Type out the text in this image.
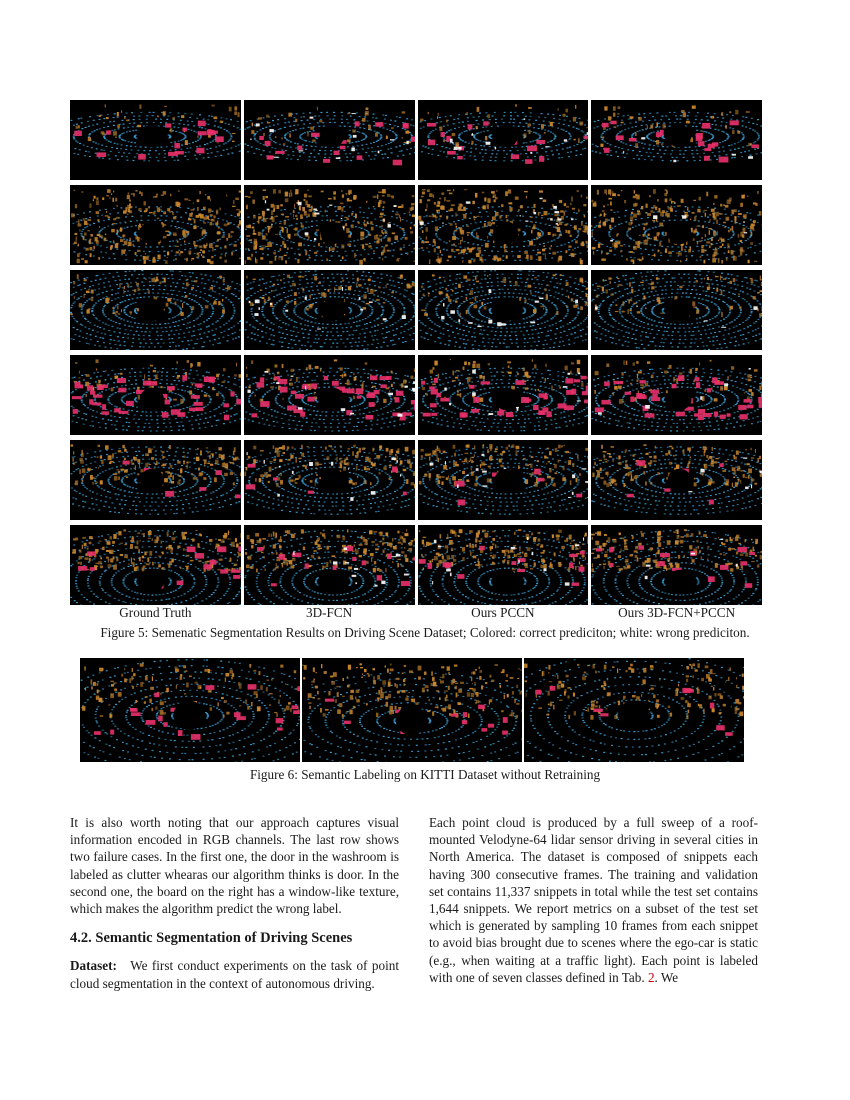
Ground Truth	3D-FCN	Ours PCCN	Ours 3D-FCN+PCCN
Figure 5: Semenatic Segmentation Results on Driving Scene Dataset; Colored: correct prediciton; white: wrong prediciton.
Figure 6: Semantic Labeling on KITTI Dataset without Retraining

It is also worth noting that our approach captures visual information encoded in RGB channels. The last row shows two failure cases. In the first one, the door in the washroom is labeled as clutter whearas our algorithm thinks is door. In the second one, the board on the right has a window-like texture, which makes the algorithm predict the wrong label.

4.2. Semantic Segmentation of Driving Scenes

Dataset: We first conduct experiments on the task of point cloud segmentation in the context of autonomous driving.

Each point cloud is produced by a full sweep of a roof-mounted Velodyne-64 lidar sensor driving in several cities in North America. The dataset is composed of snippets each having 300 consecutive frames. The training and validation set contains 11,337 snippets in total while the test set contains 1,644 snippets. We report metrics on a subset of the test set which is generated by sampling 10 frames from each snippet to avoid bias brought due to scenes where the ego-car is static (e.g., when waiting at a traffic light). Each point is labeled with one of seven classes defined in Tab. 2. We
